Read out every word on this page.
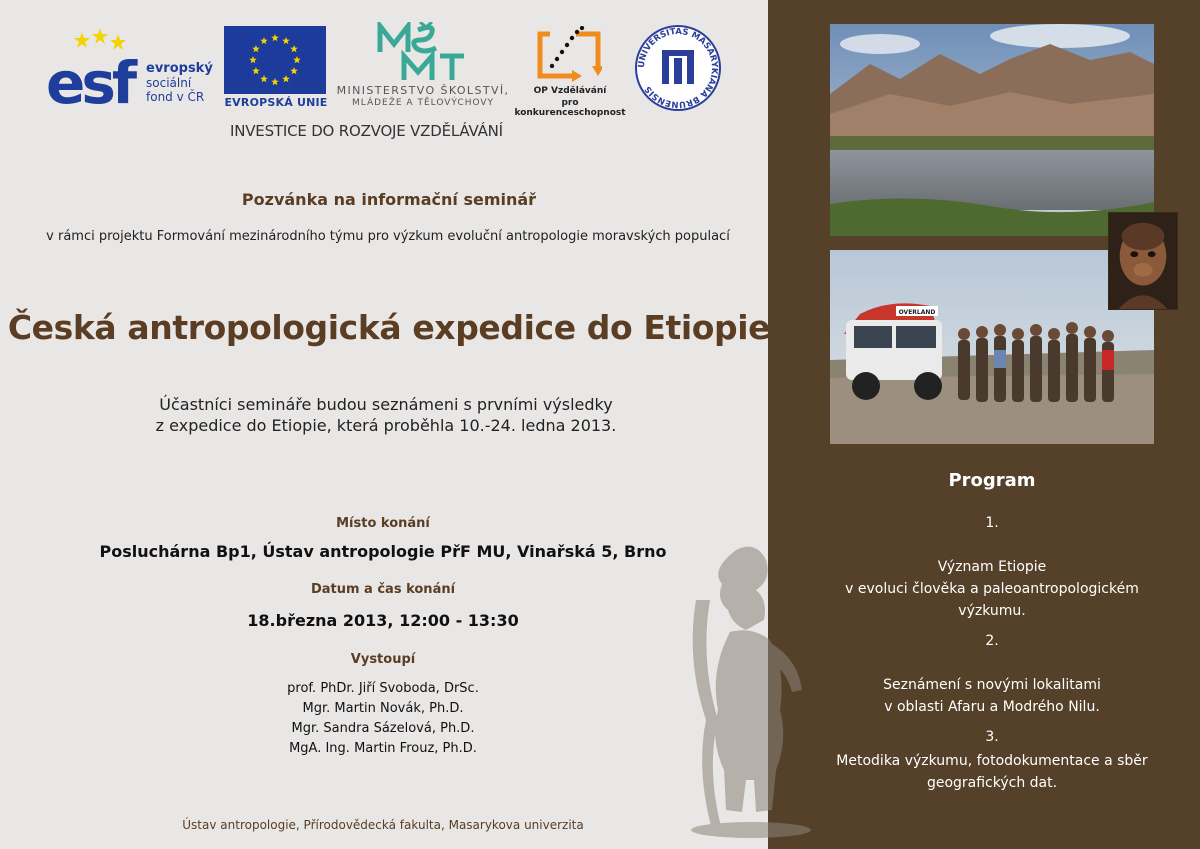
esf evropský
sociální
fond v ČR	EVROPSKÁ UNIE
MINISTERSTVO ŠKOLSTVÍ,
MLÁDEŽE A TĚLOVÝCHOVY
OP Vzdělávání
pro konkurenceschopnost
UNIVERSITAS MASARYKIANA BRUNENSIS
INVESTICE DO ROZVOJE VZDĚLÁVÁNÍ
Pozvánka na informační seminář
v rámci projektu Formování mezinárodního týmu pro výzkum evoluční antropologie moravských populací
Česká antropologická expedice do Etiopie
Účastníci semináře budou seznámeni s prvními výsledky
z expedice do Etiopie, která proběhla 10.-24. ledna 2013.
Místo konání
Posluchárna Bp1, Ústav antropologie PřF MU, Vinařská 5, Brno
Datum a čas konání
18.března 2013, 12:00 - 13:30
Vystoupí
prof. PhDr. Jiří Svoboda, DrSc.
Mgr. Martin Novák, Ph.D.
Mgr. Sandra Sázelová, Ph.D.
MgA. Ing. Martin Frouz, Ph.D.
Ústav antropologie, Přírodovědecká fakulta, Masarykova univerzita
OVERLAND
Program
1.
Význam Etiopie
v evoluci člověka a paleoantropologickém
výzkumu.
2.
Seznámení s novými lokalitami
v oblasti Afaru a Modrého Nilu.
3.
Metodika výzkumu, fotodokumentace a sběr
geografických dat.
